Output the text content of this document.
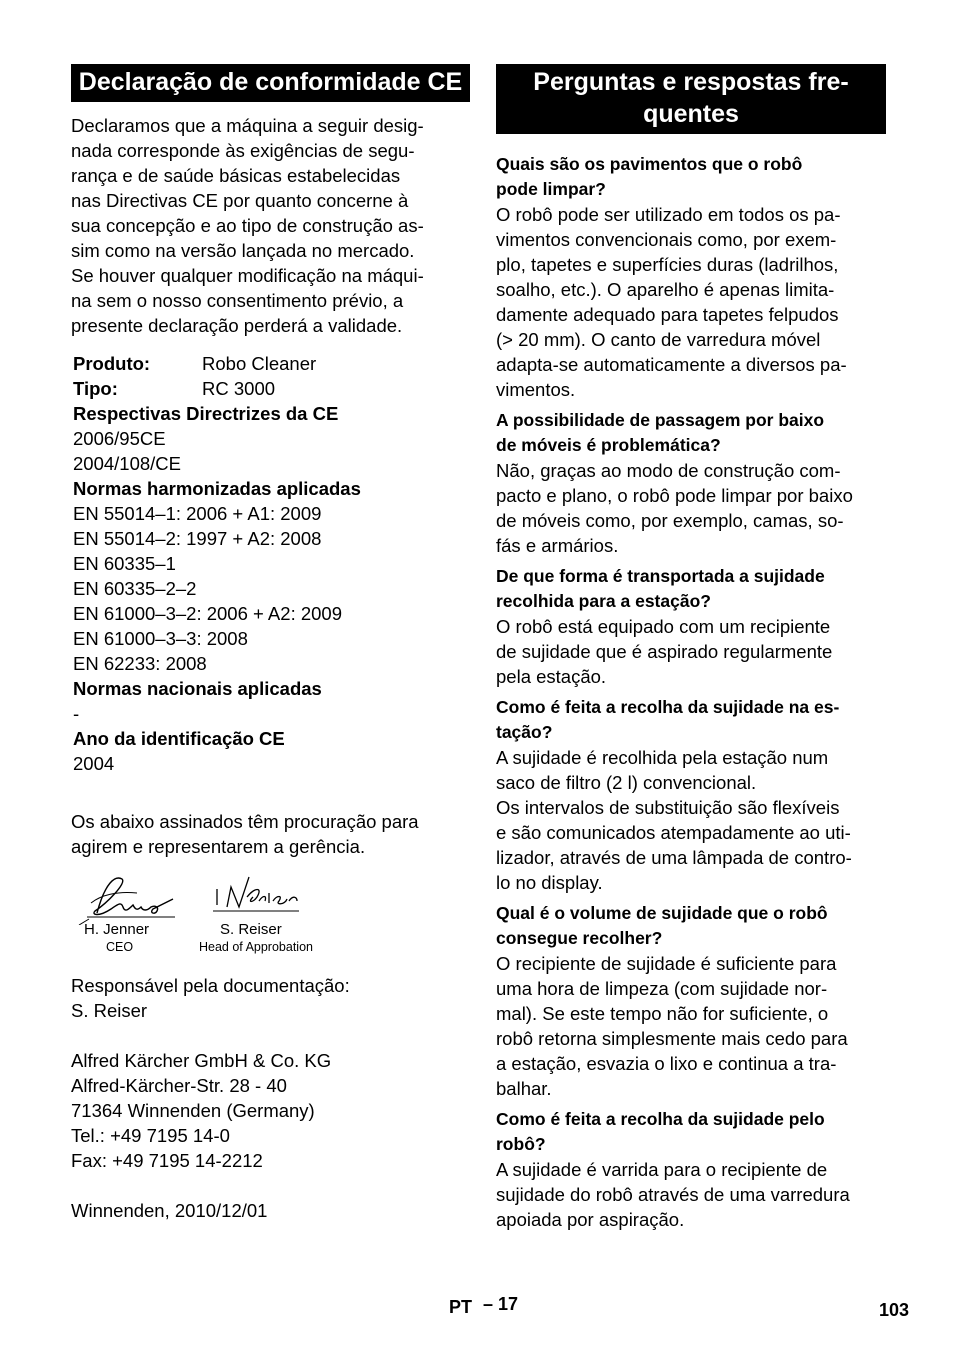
Declaração de conformidade CE
Declaramos que a máquina a seguir desig-
nada corresponde às exigências de segu-
rança e de saúde básicas estabelecidas
nas Directivas CE por quanto concerne à
sua concepção e ao tipo de construção as-
sim como na versão lançada no mercado.
Se houver qualquer modificação na máqui-
na sem o nosso consentimento prévio, a
presente declaração perderá a validade.
Produto:	Robo Cleaner
Tipo:	RC 3000
Respectivas Directrizes da CE
2006/95CE
2004/108/CE
Normas harmonizadas aplicadas
EN 55014–1: 2006 + A1: 2009
EN 55014–2: 1997 + A2: 2008
EN 60335–1
EN 60335–2–2
EN 61000–3–2: 2006 + A2: 2009
EN 61000–3–3: 2008
EN 62233: 2008
Normas nacionais aplicadas
-
Ano da identificação CE
2004
Os abaixo assinados têm procuração para
agirem e representarem a gerência.
H. Jenner
CEO
S. Reiser
Head of Approbation
Responsável pela documentação:
S. Reiser
Alfred Kärcher GmbH & Co. KG
Alfred-Kärcher-Str. 28 - 40
71364 Winnenden (Germany)
Tel.: +49 7195 14-0
Fax: +49 7195 14-2212
Winnenden, 2010/12/01
Perguntas e respostas fre-
quentes
Quais são os pavimentos que o robô
pode limpar?
O robô pode ser utilizado em todos os pa-
vimentos convencionais como, por exem-
plo, tapetes e superfícies duras (ladrilhos,
soalho, etc.). O aparelho é apenas limita-
damente adequado para tapetes felpudos
(> 20 mm). O canto de varredura móvel
adapta-se automaticamente a diversos pa-
vimentos.
A possibilidade de passagem por baixo
de móveis é problemática?
Não, graças ao modo de construção com-
pacto e plano, o robô pode limpar por baixo
de móveis como, por exemplo, camas, so-
fás e armários.
De que forma é transportada a sujidade
recolhida para a estação?
O robô está equipado com um recipiente
de sujidade que é aspirado regularmente
pela estação.
Como é feita a recolha da sujidade na es-
tação?
A sujidade é recolhida pela estação num
saco de filtro (2 l) convencional.
Os intervalos de substituição são flexíveis
e são comunicados atempadamente ao uti-
lizador, através de uma lâmpada de contro-
lo no display.
Qual é o volume de sujidade que o robô
consegue recolher?
O recipiente de sujidade é suficiente para
uma hora de limpeza (com sujidade nor-
mal). Se este tempo não for suficiente, o
robô retorna simplesmente mais cedo para
a estação, esvazia o lixo e continua a tra-
balhar.
Como é feita a recolha da sujidade pelo
robô?
A sujidade é varrida para o recipiente de
sujidade do robô através de uma varredura
apoiada por aspiração.
PT – 17	103
